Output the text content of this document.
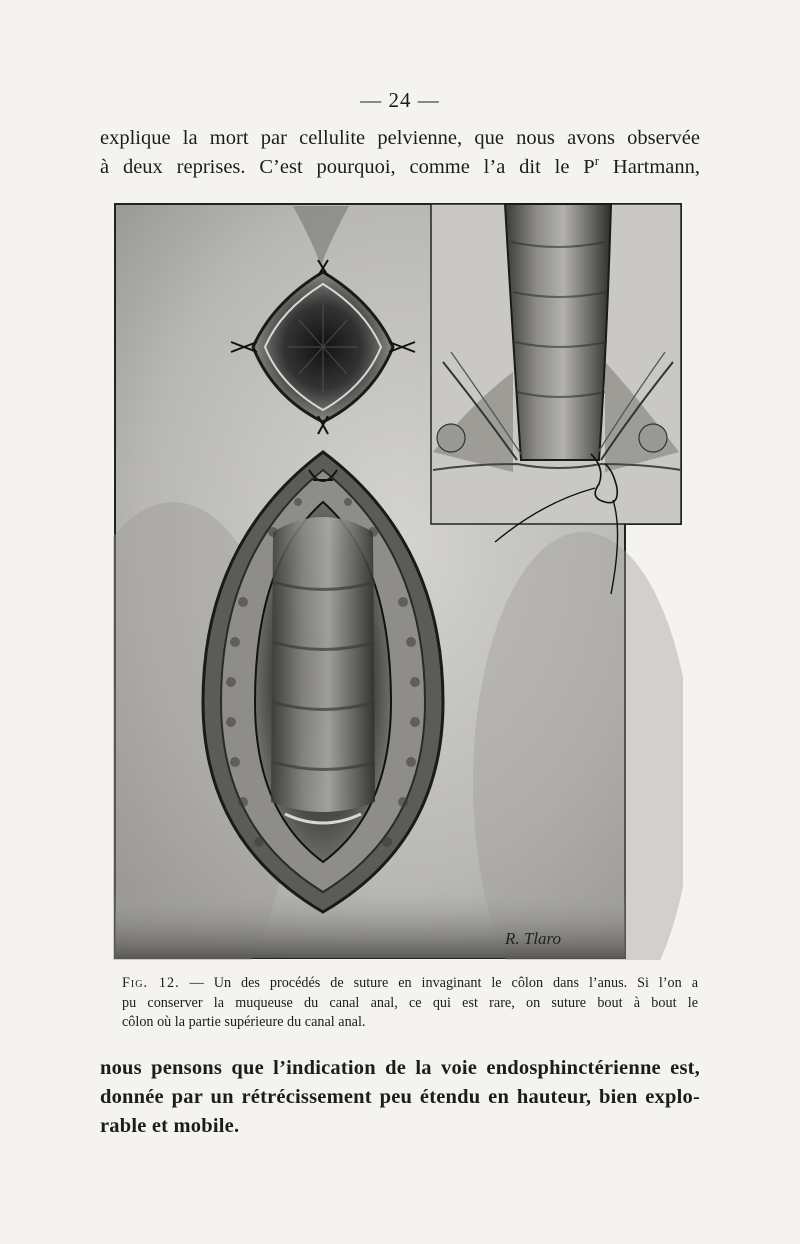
— 24 —

explique la mort par cellulite pelvienne, que nous avons observée
à deux reprises. C’est pourquoi, comme l’a dit le $P^r$ Hartmann,

R. Tlaro

Fig. 12. — Un des procédés de suture en invaginant le côlon dans l’anus. Si l’on a
pu conserver la muqueuse du canal anal, ce qui est rare, on suture bout à bout le
côlon où la partie supérieure du canal anal.

nous pensons que l’indication de la voie endosphinctérienne est,
donnée par un rétrécissement peu étendu en hauteur, bien explo-
rable et mobile.
